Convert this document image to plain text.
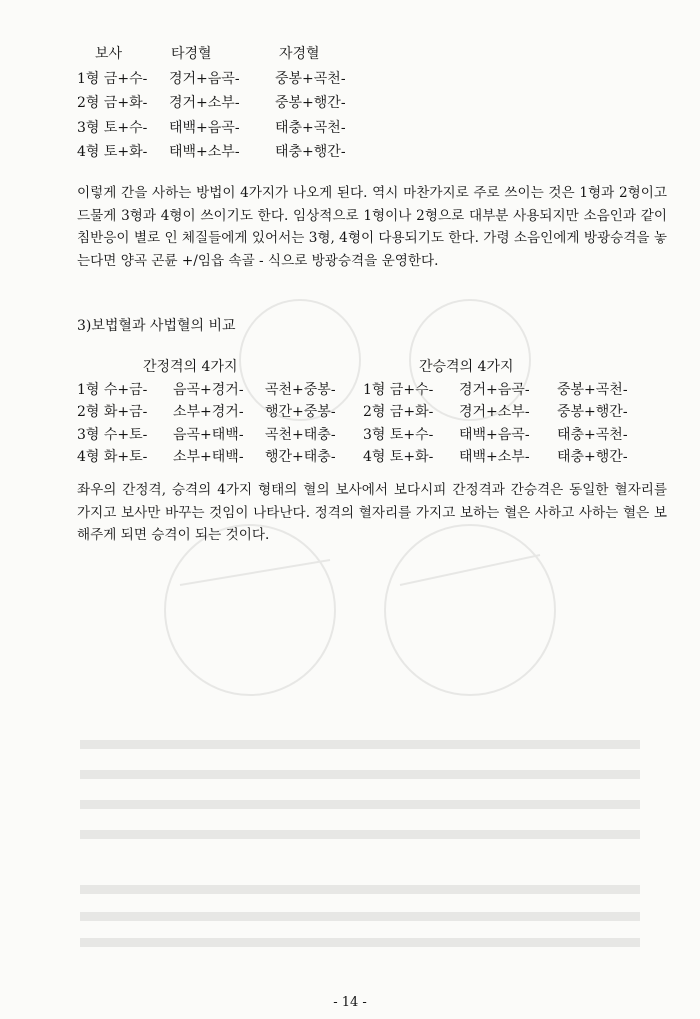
보사	타경혈	자경혈
1형 금+수- 경거+음곡-	중봉+곡천-
2형 금+화- 경거+소부-	중봉+행간-
3형 토+수- 태백+음곡-	태충+곡천-
4형 토+화- 태백+소부-	태충+행간-
이렇게 간을 사하는 방법이 4가지가 나오게 된다. 역시 마찬가지로 주로 쓰이는 것은 1형과 2형이고 드물게 3형과 4형이 쓰이기도 한다. 임상적으로 1형이나 2형으로 대부분 사용되지만 소음인과 같이 침반응이 별로 인 체질들에게 있어서는 3형, 4형이 다용되기도 한다. 가령 소음인에게 방광승격을 놓는다면 양곡 곤륜 +/임읍 속골 - 식으로 방광승격을 운영한다.
3)보법혈과 사법혈의 비교
간정격의 4가지	간승격의 4가지
1형 수+금- 음곡+경거- 곡천+중봉- 1형 금+수- 경거+음곡- 중봉+곡천-
2형 화+금- 소부+경거- 행간+중봉- 2형 금+화- 경거+소부- 중봉+행간-
3형 수+토- 음곡+태백- 곡천+태충- 3형 토+수- 태백+음곡- 태충+곡천-
4형 화+토- 소부+태백- 행간+태충- 4형 토+화- 태백+소부- 태충+행간-
좌우의 간정격, 승격의 4가지 형태의 혈의 보사에서 보다시피 간정격과 간승격은 동일한 혈자리를 가지고 보사만 바꾸는 것임이 나타난다. 정격의 혈자리를 가지고 보하는 혈은 사하고 사하는 혈은 보해주게 되면 승격이 되는 것이다.
- 14 -
